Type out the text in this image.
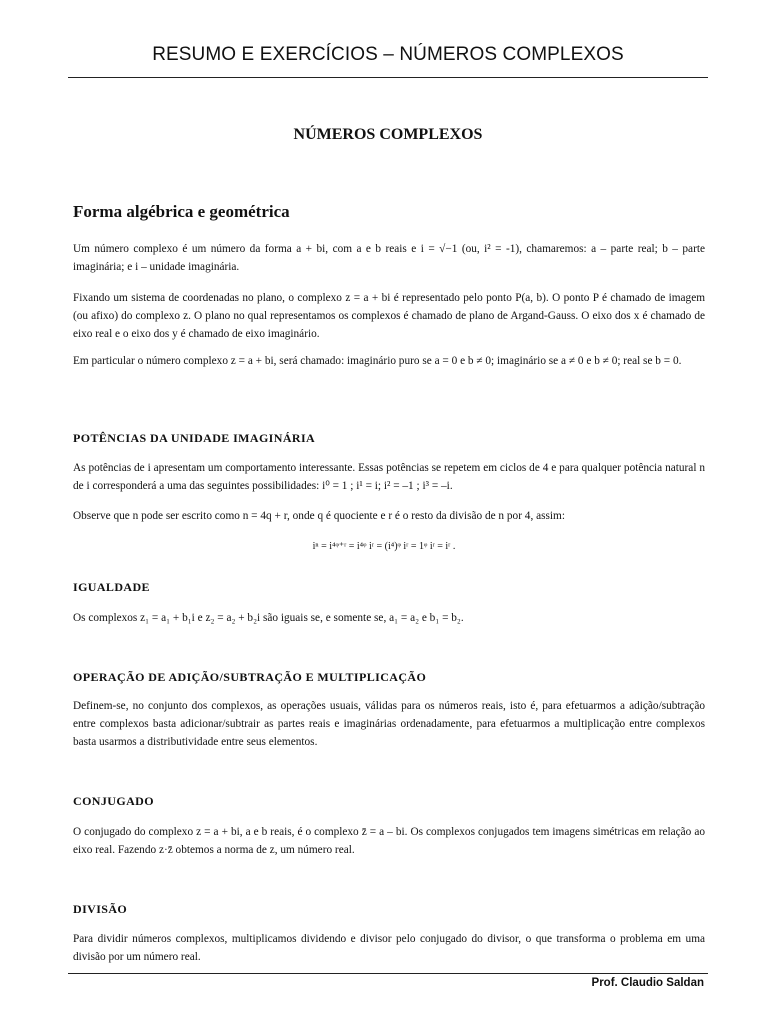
RESUMO E EXERCÍCIOS – NÚMEROS COMPLEXOS
NÚMEROS COMPLEXOS
Forma algébrica e geométrica

Um número complexo é um número da forma a + bi, com a e b reais e i = √−1 (ou, i² = -1), chamaremos: a – parte real; b – parte imaginária; e i – unidade imaginária.

Fixando um sistema de coordenadas no plano, o complexo z = a + bi é representado pelo ponto P(a, b). O ponto P é chamado de imagem (ou afixo) do complexo z. O plano no qual representamos os complexos é chamado de plano de Argand-Gauss. O eixo dos x é chamado de eixo real e o eixo dos y é chamado de eixo imaginário.

Em particular o número complexo z = a + bi, será chamado: imaginário puro se a = 0 e b ≠ 0; imaginário se a ≠ 0 e b ≠ 0; real se b = 0.

POTÊNCIAS DA UNIDADE IMAGINÁRIA

As potências de i apresentam um comportamento interessante. Essas potências se repetem em ciclos de 4 e para qualquer potência natural n de i corresponderá a uma das seguintes possibilidades: i⁰ = 1 ; i¹ = i; i² = –1 ; i³ = –i.

Observe que n pode ser escrito como n = 4q + r, onde q é quociente e r é o resto da divisão de n por 4, assim:

iⁿ = i⁴ᵠ⁺ʳ = i⁴ᵠ iʳ = (i⁴)ᵠ iʳ = 1ᵠ iʳ = iʳ .
IGUALDADE

Os complexos z₁ = a₁ + b₁i e z₂ = a₂ + b₂i são iguais se, e somente se, a₁ = a₂ e b₁ = b₂.

OPERAÇÃO DE ADIÇÃO/SUBTRAÇÃO E MULTIPLICAÇÃO

Definem-se, no conjunto dos complexos, as operações usuais, válidas para os números reais, isto é, para efetuarmos a adição/subtração entre complexos basta adicionar/subtrair as partes reais e imaginárias ordenadamente, para efetuarmos a multiplicação entre complexos basta usarmos a distributividade entre seus elementos.

CONJUGADO

O conjugado do complexo z = a + bi, a e b reais, é o complexo z̄ = a – bi. Os complexos conjugados tem imagens simétricas em relação ao eixo real. Fazendo z·z̄ obtemos a norma de z, um número real.

DIVISÃO

Para dividir números complexos, multiplicamos dividendo e divisor pelo conjugado do divisor, o que transforma o problema em uma divisão por um número real.

Prof. Claudio Saldan
